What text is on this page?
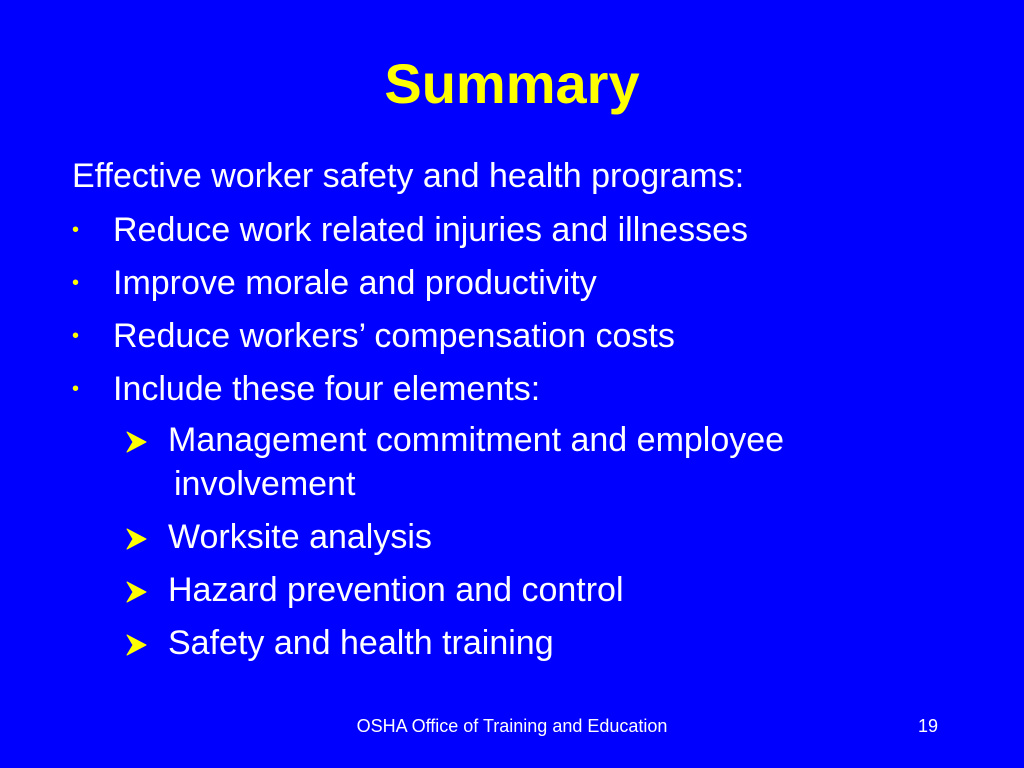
Summary
Effective worker safety and health programs:
• Reduce work related injuries and illnesses
• Improve morale and productivity
• Reduce workers’ compensation costs
• Include these four elements:
Management commitment and employee
involvement
Worksite analysis
Hazard prevention and control
Safety and health training
OSHA Office of Training and Education	19
